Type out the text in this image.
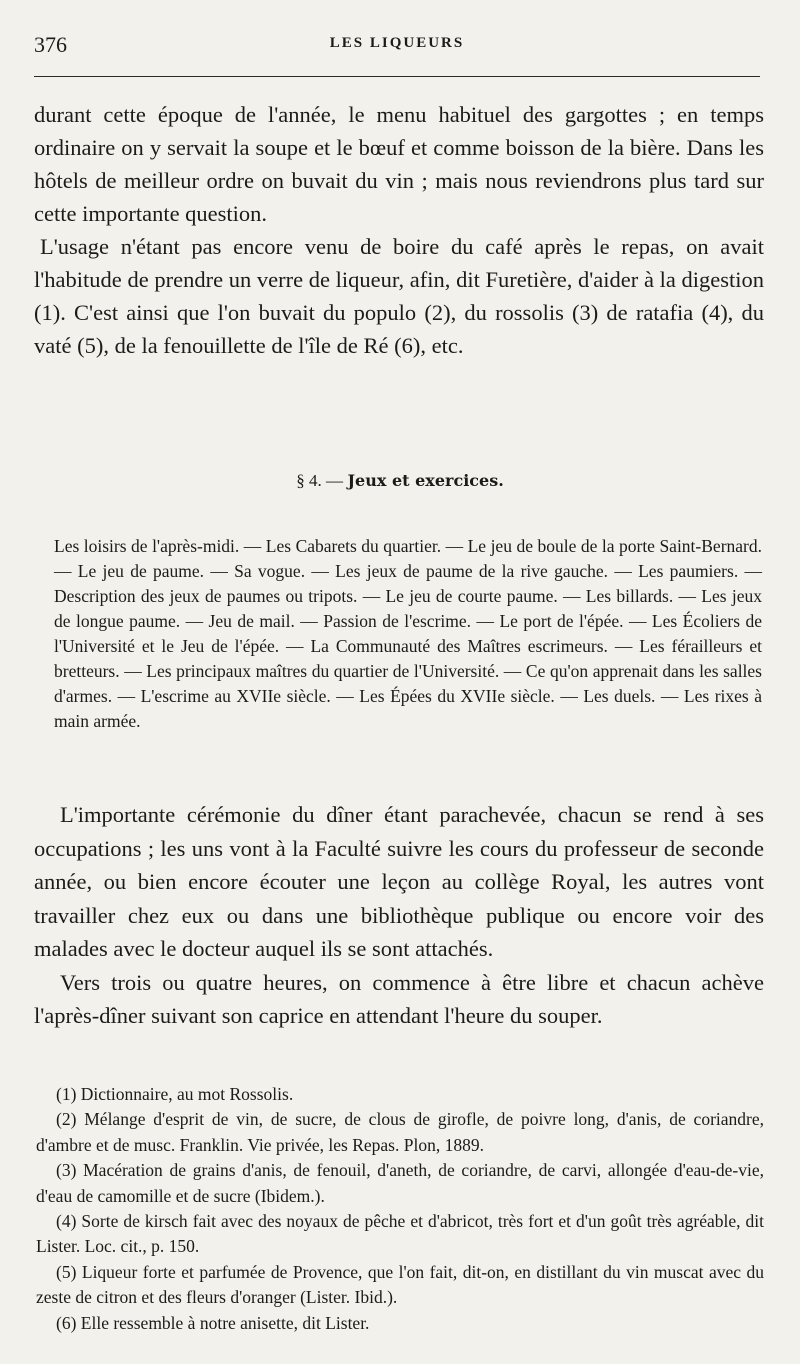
376	LES LIQUEURS

durant cette époque de l'année, le menu habituel des gargottes ; en temps ordinaire on y servait la soupe et le bœuf et comme boisson de la bière. Dans les hôtels de meilleur ordre on buvait du vin ; mais nous reviendrons plus tard sur cette importante question.

L'usage n'étant pas encore venu de boire du café après le repas, on avait l'habitude de prendre un verre de liqueur, afin, dit Furetière, d'aider à la digestion (1). C'est ainsi que l'on buvait du populo (2), du rossolis (3) de ratafia (4), du vaté (5), de la fenouillette de l'île de Ré (6), etc.

§ 4. — Jeux et exercices.

Les loisirs de l'après-midi. — Les Cabarets du quartier. — Le jeu de boule de la porte Saint-Bernard. — Le jeu de paume. — Sa vogue. — Les jeux de paume de la rive gauche. — Les paumiers. — Description des jeux de paumes ou tripots. — Le jeu de courte paume. — Les billards. — Les jeux de longue paume. — Jeu de mail. — Passion de l'escrime. — Le port de l'épée. — Les Écoliers de l'Université et le Jeu de l'épée. — La Communauté des Maîtres escrimeurs. — Les férailleurs et bretteurs. — Les principaux maîtres du quartier de l'Université. — Ce qu'on apprenait dans les salles d'armes. — L'escrime au XVIIe siècle. — Les Épées du XVIIe siècle. — Les duels. — Les rixes à main armée.

L'importante cérémonie du dîner étant parachevée, chacun se rend à ses occupations ; les uns vont à la Faculté suivre les cours du professeur de seconde année, ou bien encore écouter une leçon au collège Royal, les autres vont travailler chez eux ou dans une bibliothèque publique ou encore voir des malades avec le docteur auquel ils se sont attachés.

Vers trois ou quatre heures, on commence à être libre et chacun achève l'après-dîner suivant son caprice en attendant l'heure du souper.

(1) Dictionnaire, au mot Rossolis.

(2) Mélange d'esprit de vin, de sucre, de clous de girofle, de poivre long, d'anis, de coriandre, d'ambre et de musc. Franklin. Vie privée, les Repas. Plon, 1889.

(3) Macération de grains d'anis, de fenouil, d'aneth, de coriandre, de carvi, allongée d'eau-de-vie, d'eau de camomille et de sucre (Ibidem.).

(4) Sorte de kirsch fait avec des noyaux de pêche et d'abricot, très fort et d'un goût très agréable, dit Lister. Loc. cit., p. 150.

(5) Liqueur forte et parfumée de Provence, que l'on fait, dit-on, en distillant du vin muscat avec du zeste de citron et des fleurs d'oranger (Lister. Ibid.).

(6) Elle ressemble à notre anisette, dit Lister.
